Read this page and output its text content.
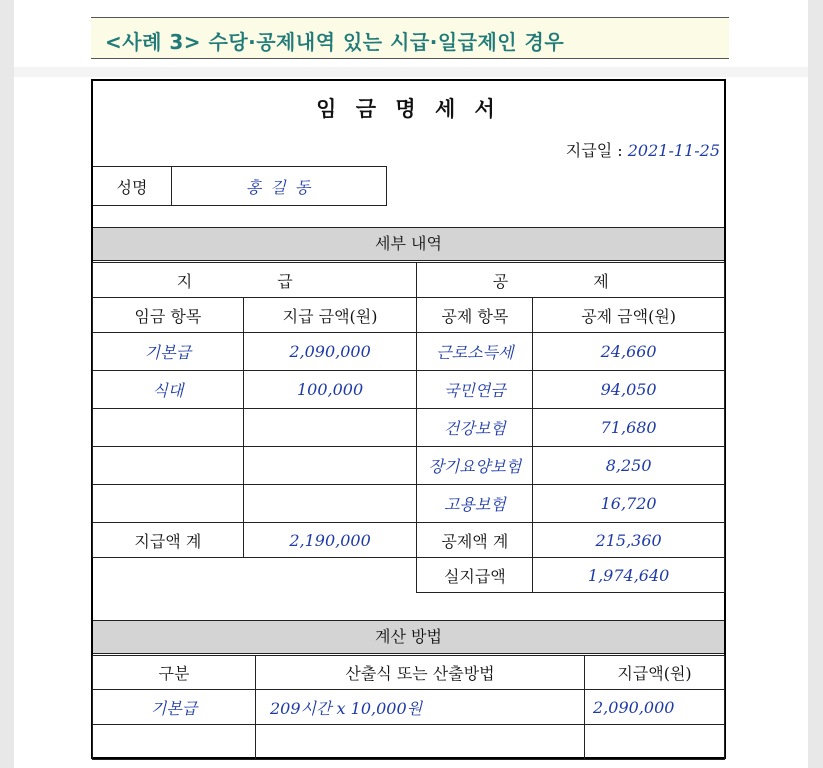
<사례 3> 수당·공제내역 있는 시급·일급제인 경우
임 금 명 세 서
지급일 : 2021-11-25
성명	홍 길 동
세부 내역
지 급		공 제	
임금 항목	지급 금액(원)	공제 항목	공제 금액(원)
기본급	2,090,000	근로소득세	24,660
식대	100,000	국민연금	94,050
		건강보험	71,680
		장기요양보험	8,250
		고용보험	16,720
지급액 계	2,190,000	공제액 계	215,360
		실지급액	1,974,640
계산 방법
구분	산출식 또는 산출방법	지급액(원)
기본급	209시간 x 10,000원	2,090,000
